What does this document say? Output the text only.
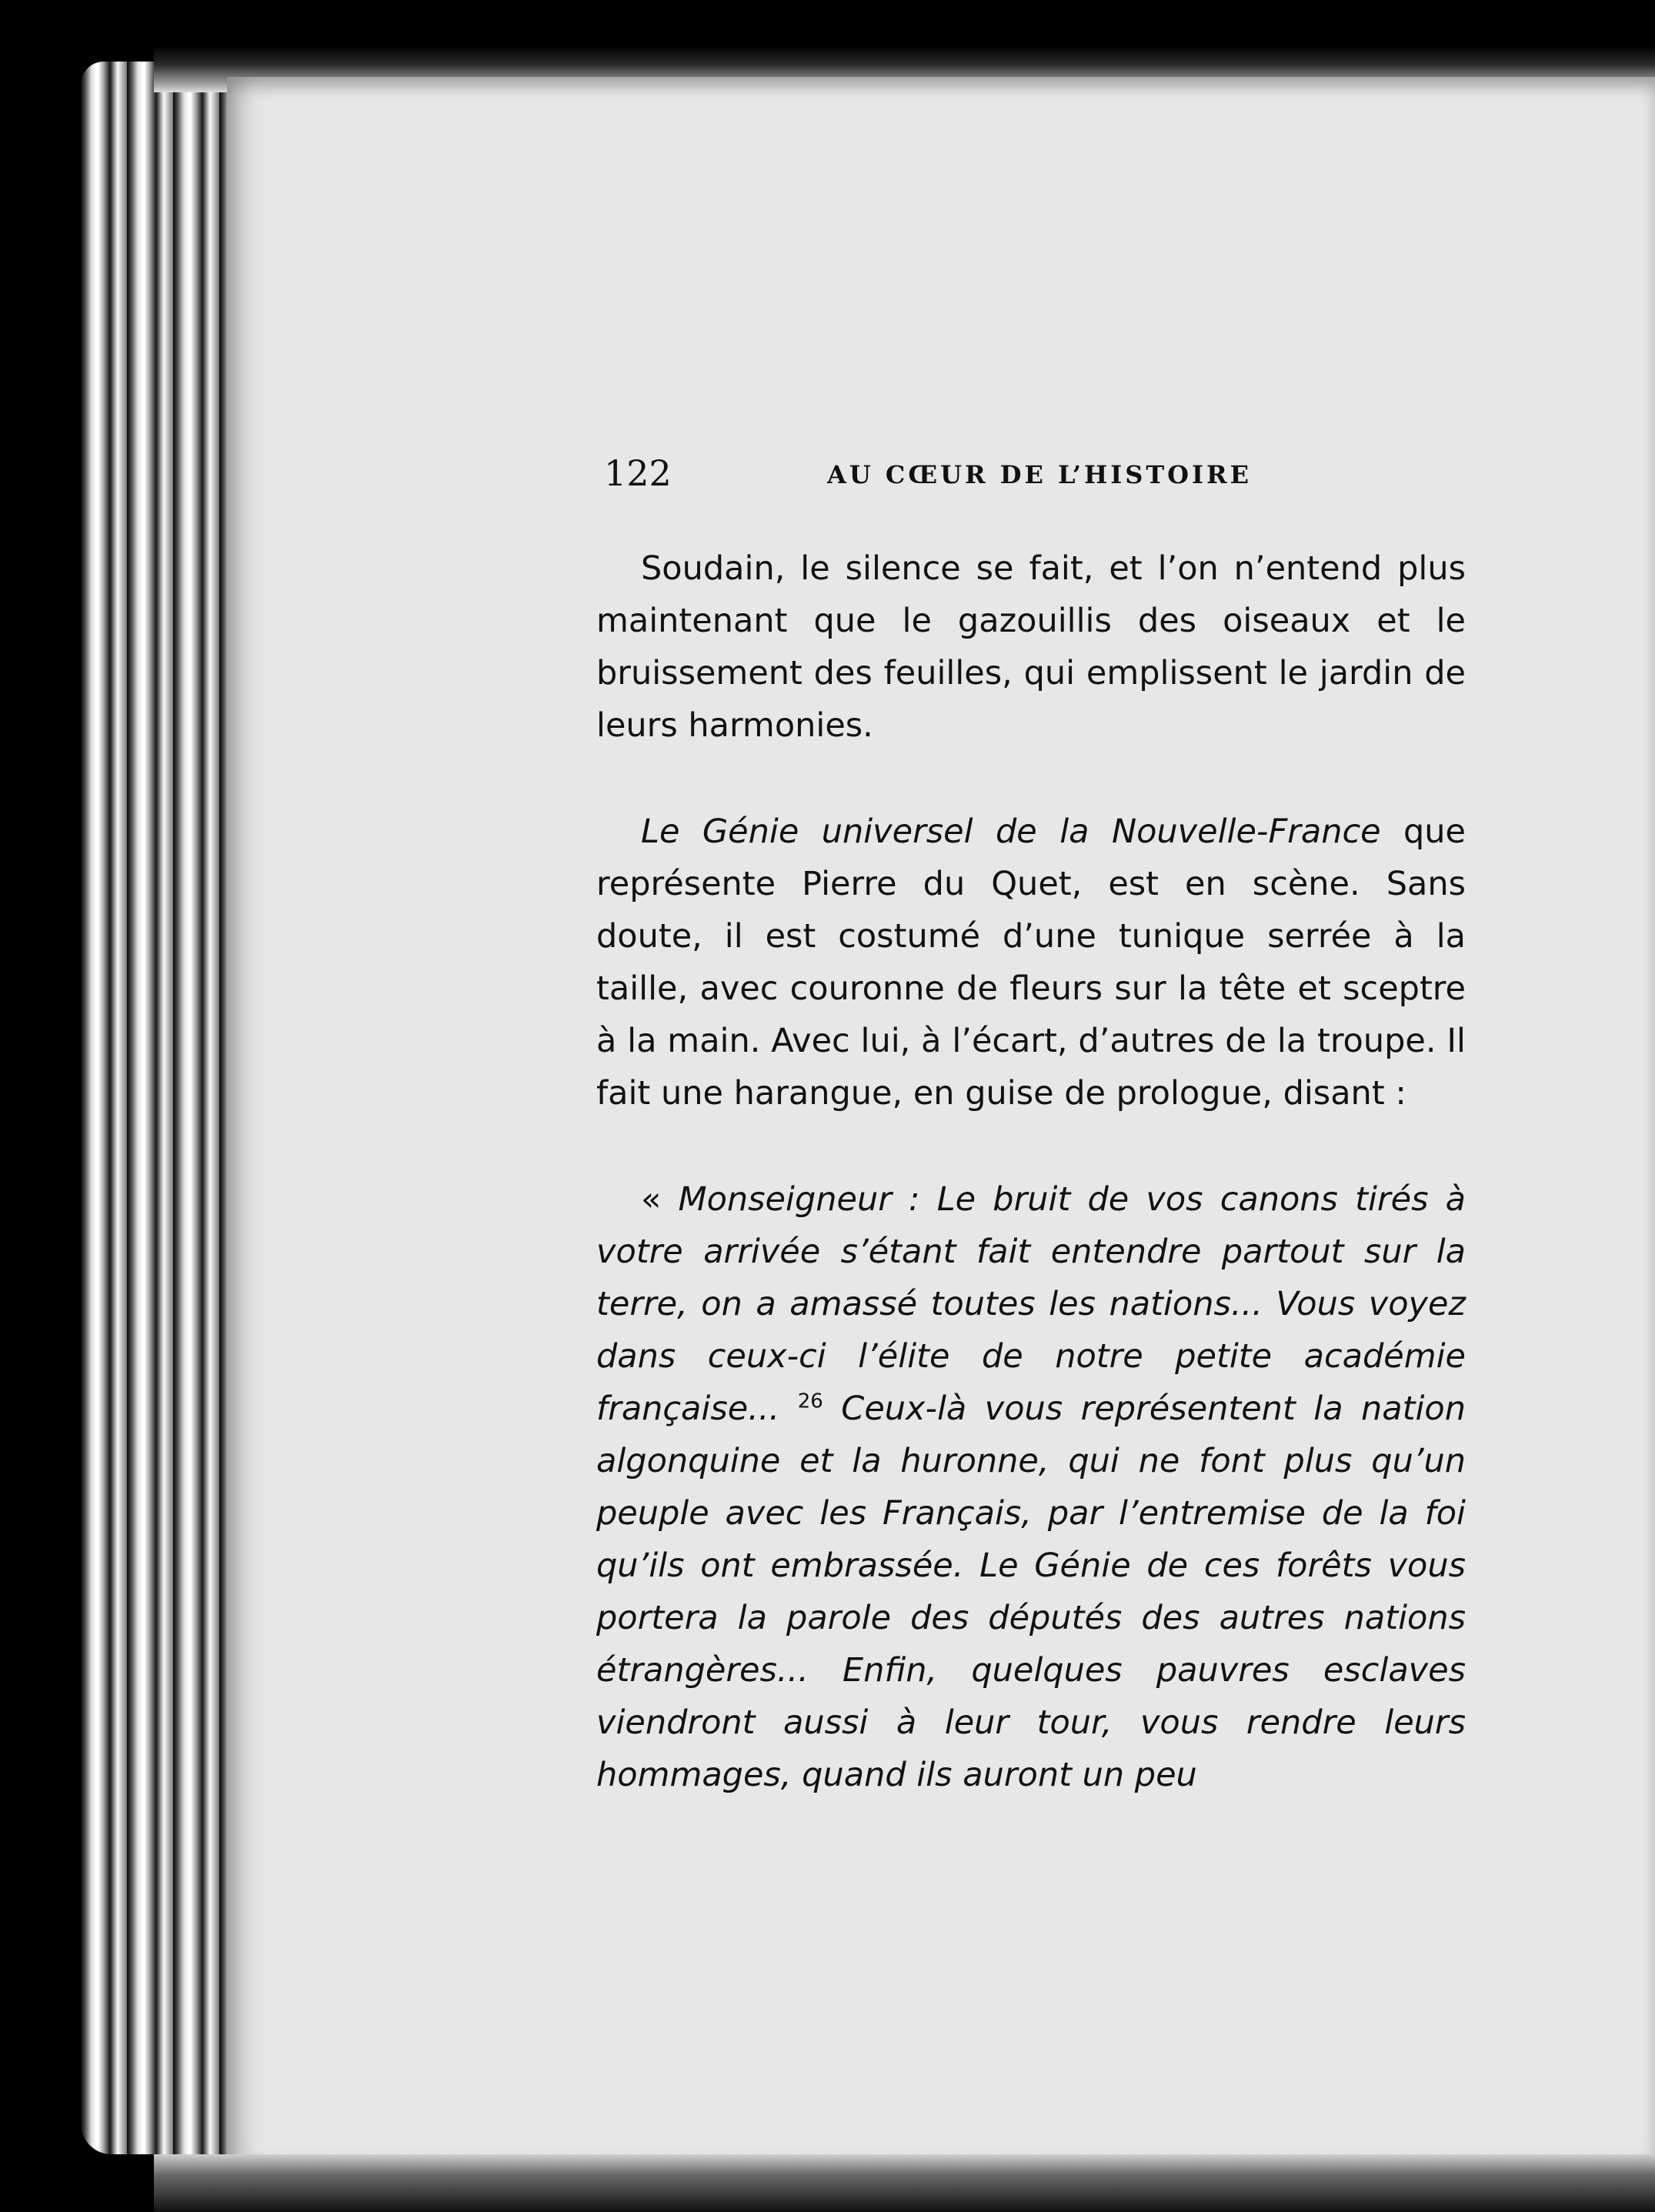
122	AU CŒUR DE L’HISTOIRE

Soudain, le silence se fait, et l’on n’entend plus maintenant que le gazouillis des oiseaux et le bruissement des feuilles, qui emplissent le jardin de leurs harmonies.

Le Génie universel de la Nouvelle-France que représente Pierre du Quet, est en scène. Sans doute, il est costumé d’une tunique serrée à la taille, avec couronne de fleurs sur la tête et sceptre à la main. Avec lui, à l’écart, d’autres de la troupe. Il fait une harangue, en guise de prologue, disant :

« Monseigneur : Le bruit de vos canons tirés à votre arrivée s’étant fait entendre partout sur la terre, on a amassé toutes les nations... Vous voyez dans ceux-ci l’élite de notre petite académie française... $^{26}$ Ceux-là vous représentent la nation algonquine et la huronne, qui ne font plus qu’un peuple avec les Français, par l’entremise de la foi qu’ils ont embrassée. Le Génie de ces forêts vous portera la parole des députés des autres nations étrangères... Enfin, quelques pauvres esclaves viendront aussi à leur tour, vous rendre leurs hommages, quand ils auront un peu
